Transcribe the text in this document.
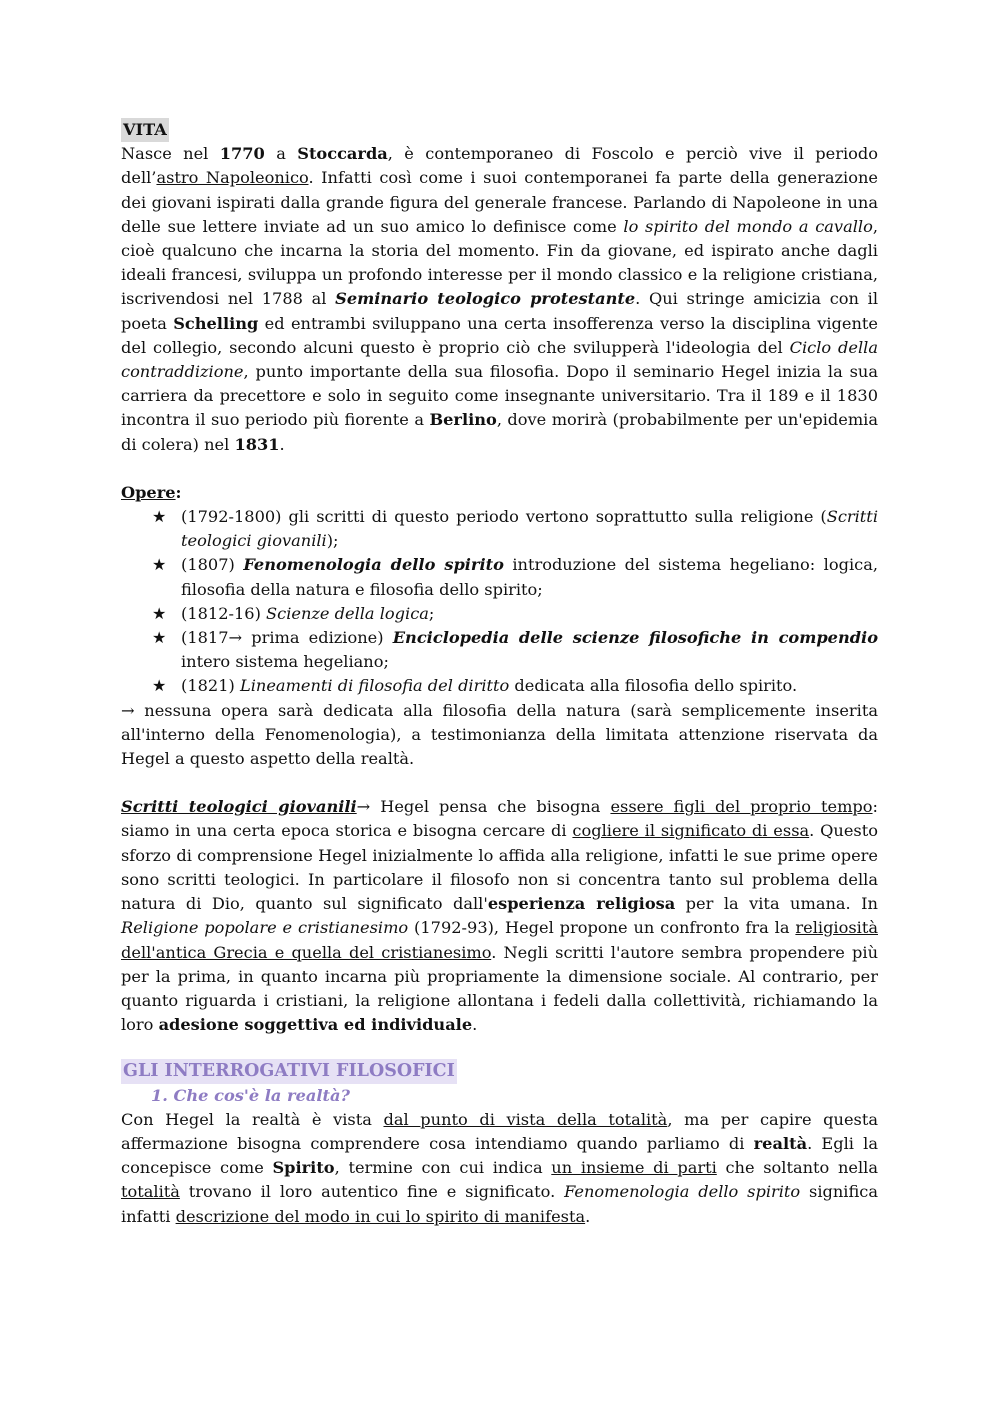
VITA

Nasce nel 1770 a Stoccarda, è contemporaneo di Foscolo e perciò vive il periodo dell’astro Napoleonico. Infatti così come i suoi contemporanei fa parte della generazione dei giovani ispirati dalla grande figura del generale francese. Parlando di Napoleone in una delle sue lettere inviate ad un suo amico lo definisce come lo spirito del mondo a cavallo, cioè qualcuno che incarna la storia del momento. Fin da giovane, ed ispirato anche dagli ideali francesi, sviluppa un profondo interesse per il mondo classico e la religione cristiana, iscrivendosi nel 1788 al Seminario teologico protestante. Qui stringe amicizia con il poeta Schelling ed entrambi sviluppano una certa insofferenza verso la disciplina vigente del collegio, secondo alcuni questo è proprio ciò che svilupperà l'ideologia del Ciclo della contraddizione, punto importante della sua filosofia. Dopo il seminario Hegel inizia la sua carriera da precettore e solo in seguito come insegnante universitario. Tra il 189 e il 1830 incontra il suo periodo più fiorente a Berlino, dove morirà (probabilmente per un'epidemia di colera) nel 1831.

Opere:
★ (1792-1800) gli scritti di questo periodo vertono soprattutto sulla religione (Scritti teologici giovanili);
★ (1807) Fenomenologia dello spirito introduzione del sistema hegeliano: logica, filosofia della natura e filosofia dello spirito;
★ (1812-16) Scienze della logica;
★ (1817→ prima edizione) Enciclopedia delle scienze filosofiche in compendio intero sistema hegeliano;
★ (1821) Lineamenti di filosofia del diritto dedicata alla filosofia dello spirito.

→ nessuna opera sarà dedicata alla filosofia della natura (sarà semplicemente inserita all'interno della Fenomenologia), a testimonianza della limitata attenzione riservata da Hegel a questo aspetto della realtà.

Scritti teologici giovanili→ Hegel pensa che bisogna essere figli del proprio tempo: siamo in una certa epoca storica e bisogna cercare di cogliere il significato di essa. Questo sforzo di comprensione Hegel inizialmente lo affida alla religione, infatti le sue prime opere sono scritti teologici. In particolare il filosofo non si concentra tanto sul problema della natura di Dio, quanto sul significato dall'esperienza religiosa per la vita umana. In Religione popolare e cristianesimo (1792-93), Hegel propone un confronto fra la religiosità dell'antica Grecia e quella del cristianesimo. Negli scritti l'autore sembra propendere più per la prima, in quanto incarna più propriamente la dimensione sociale. Al contrario, per quanto riguarda i cristiani, la religione allontana i fedeli dalla collettività, richiamando la loro adesione soggettiva ed individuale.

GLI INTERROGATIVI FILOSOFICI
1. Che cos'è la realtà?

Con Hegel la realtà è vista dal punto di vista della totalità, ma per capire questa affermazione bisogna comprendere cosa intendiamo quando parliamo di realtà. Egli la concepisce come Spirito, termine con cui indica un insieme di parti che soltanto nella totalità trovano il loro autentico fine e significato. Fenomenologia dello spirito significa infatti descrizione del modo in cui lo spirito di manifesta.
